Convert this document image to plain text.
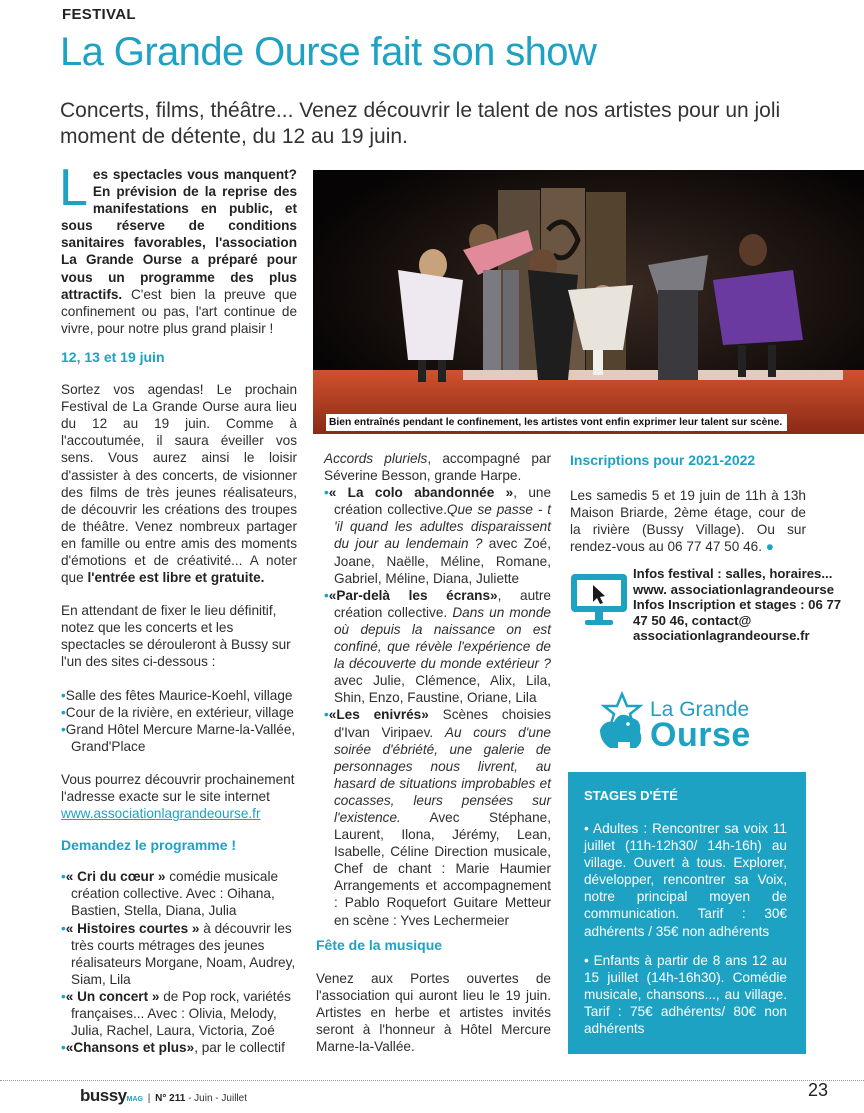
FESTIVAL
La Grande Ourse fait son show
Concerts, films, théâtre... Venez découvrir le talent de nos artistes pour un joli moment de détente, du 12 au 19 juin.

Les spectacles vous manquent? En prévision de la reprise des manifestations en public, et sous réserve de conditions sanitaires favorables, l'association La Grande Ourse a préparé pour vous un programme des plus attractifs. C'est bien la preuve que confinement ou pas, l'art continue de vivre, pour notre plus grand plaisir !

12, 13 et 19 juin

Sortez vos agendas! Le prochain Festival de La Grande Ourse aura lieu du 12 au 19 juin. Comme à l'accoutumée, il saura éveiller vos sens. Vous aurez ainsi le loisir d'assister à des concerts, de visionner des films de très jeunes réalisateurs, de découvrir les créations des troupes de théâtre. Venez nombreux partager en famille ou entre amis des moments d'émotions et de créativité... A noter que l'entrée est libre et gratuite.

En attendant de fixer le lieu définitif, notez que les concerts et les spectacles se dérouleront à Bussy sur l'un des sites ci-dessous :

•Salle des fêtes Maurice-Koehl, village

•Cour de la rivière, en extérieur, village

•Grand Hôtel Mercure Marne-la-Vallée, Grand'Place

Vous pourrez découvrir prochainement l'adresse exacte sur le site internet

www.associationlagrandeourse.fr

Demandez le programme !

•« Cri du cœur » comédie musicale création collective. Avec : Oihana, Bastien, Stella, Diana, Julia

•« Histoires courtes » à découvrir les très courts métrages des jeunes réalisateurs Morgane, Noam, Audrey, Siam, Lila

•« Un concert » de Pop rock, variétés françaises... Avec : Olivia, Melody, Julia, Rachel, Laura, Victoria, Zoé

•«Chansons et plus», par le collectif

Bien entraînés pendant le confinement, les artistes vont enfin exprimer leur talent sur scène.

Accords pluriels, accompagné par Séverine Besson, grande Harpe.

•« La colo abandonnée », une création collective.Que se passe - t 'il quand les adultes disparaissent du jour au lendemain ? avec Zoé, Joane, Naëlle, Méline, Romane, Gabriel, Méline, Diana, Juliette

•«Par-delà les écrans», autre création collective. Dans un monde où depuis la naissance on est confiné, que révèle l'expérience de la découverte du monde extérieur ? avec Julie, Clémence, Alix, Lila, Shin, Enzo, Faustine, Oriane, Lila

•«Les enivrés» Scènes choisies d'Ivan Viripaev. Au cours d'une soirée d'ébriété, une galerie de personnages nous livrent, au hasard de situations improbables et cocasses, leurs pensées sur l'existence. Avec Stéphane, Laurent, Ilona, Jérémy, Lean, Isabelle, Céline Direction musicale, Chef de chant : Marie Haumier Arrangements et accompagnement : Pablo Roquefort Guitare Metteur en scène : Yves Lechermeier

Fête de la musique
Venez aux Portes ouvertes de l'association qui auront lieu le 19 juin. Artistes en herbe et artistes invités seront à l'honneur à Hôtel Mercure Marne-la-Vallée.
Inscriptions pour 2021-2022
Les samedis 5 et 19 juin de 11h à 13h Maison Briarde, 2ème étage, cour de la rivière (Bussy Village). Ou sur rendez-vous au 06 77 47 50 46. ●
Infos festival : salles, horaires... www. associationlagrandeourse Infos Inscription et stages : 06 77 47 50 46, contact@ associationlagrandeourse.fr
La Grande
Ourse
STAGES D'ÉTÉ
• Adultes : Rencontrer sa voix 11 juillet (11h-12h30/ 14h-16h) au village. Ouvert à tous. Explorer, développer, rencontrer sa Voix, notre principal moyen de communication. Tarif : 30€ adhérents / 35€ non adhérents
• Enfants à partir de 8 ans 12 au 15 juillet (14h-16h30). Comédie musicale, chansons..., au village. Tarif : 75€ adhérents/ 80€ non adhérents
bussyMAG | N° 211 - Juin - Juillet	23
